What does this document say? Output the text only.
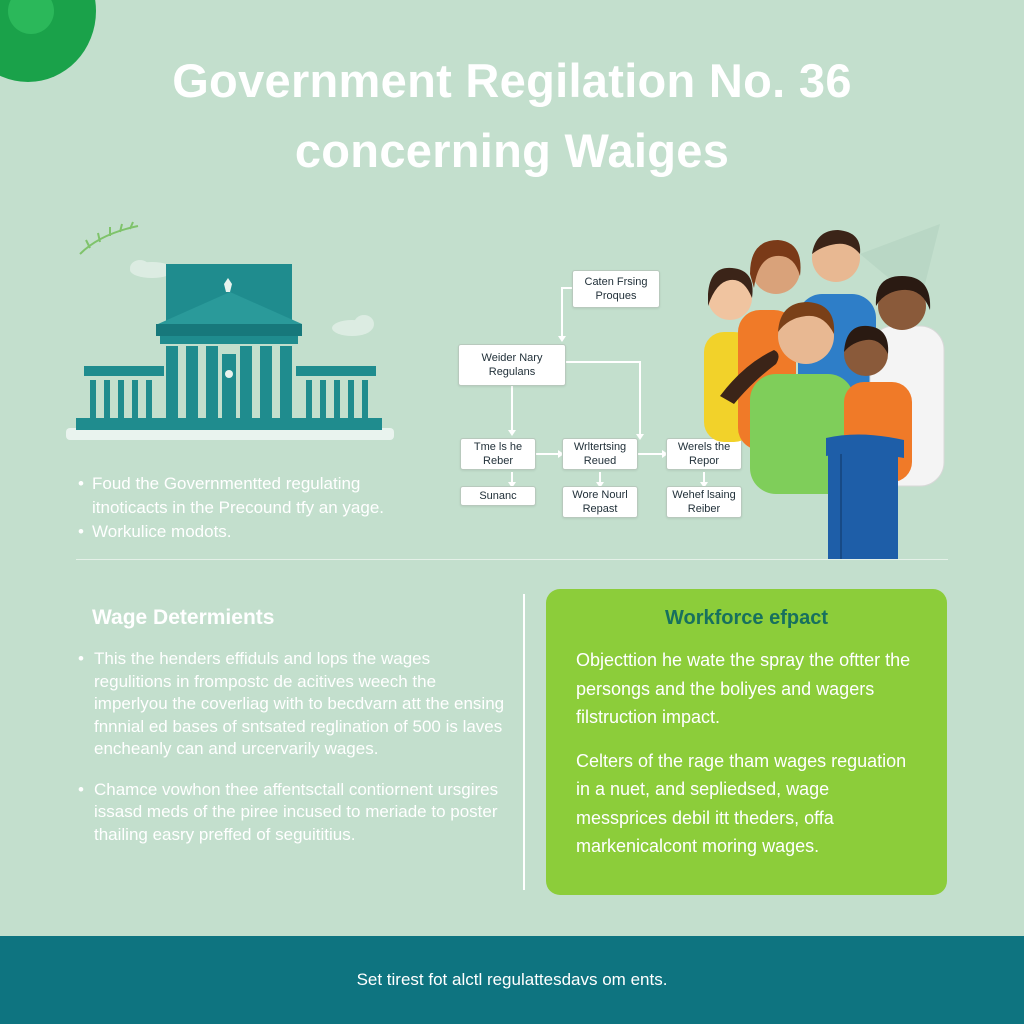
Government Regilation No. 36
concerning Waiges
• Foud the Governmentted regulating itnoticacts in the Precound tfy an yage.
• Workulice modots.
Caten Frsing Proques
Weider Nary Regulans
Tme ls he Reber
Wrltertsing Reued
Werels the Repor
Sunanc	Wore Nourl Repast
Wehef lsaing Reiber
Wage Determients
• This the henders effiduls and lops the wages regulitions in frompostc de acitives weech the imperlyou the coverliag with to becdvarn att the ensing fnnnial ed bases of sntsated reglination of 500 is laves encheanly can and urcervarily wages.
• Chamce vowhon thee affentsctall contiornent ursgires issasd meds of the piree incused to meriade to poster thailing easry preffed of seguititius.
Workforce efpact

Objecttion he wate the spray the oftter the persongs and the boliyes and wagers filstruction impact.

Celters of the rage tham wages reguation in a nuet, and sepliedsed, wage messprices debil itt theders, offa markenicalcont moring wages.

Set tirest fot alctl regulattesdavs om ents.
